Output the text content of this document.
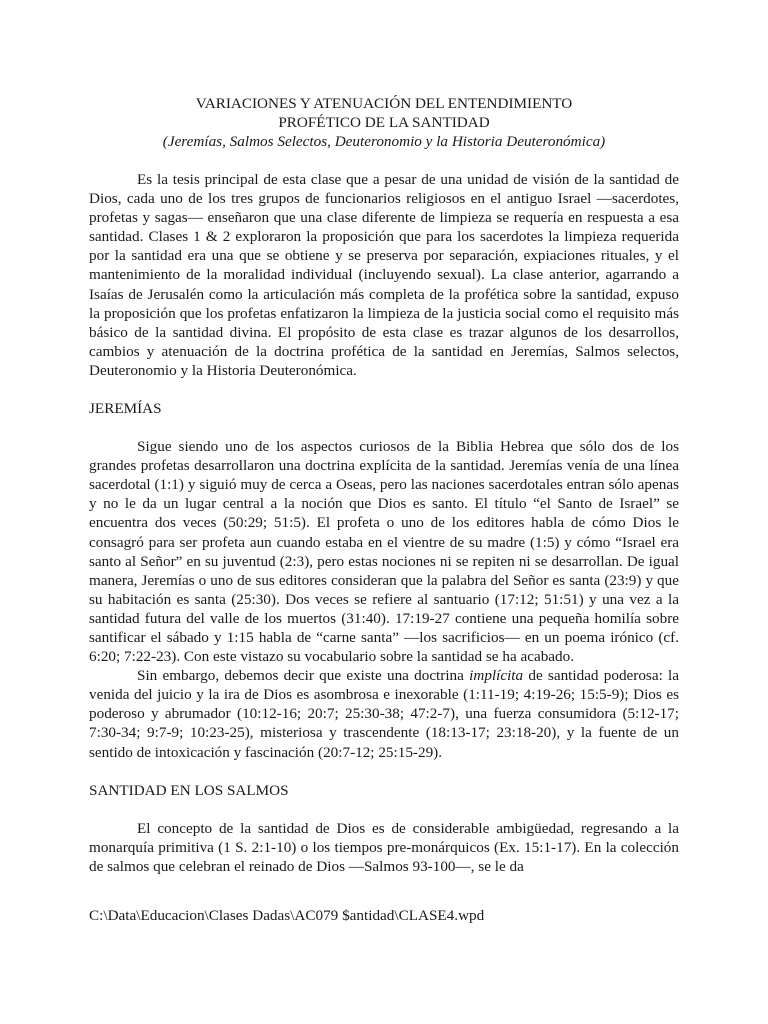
VARIACIONES Y ATENUACIÓN DEL ENTENDIMIENTO
PROFÉTICO DE LA SANTIDAD
(Jeremías, Salmos Selectos, Deuteronomio y la Historia Deuteronómica)

Es la tesis principal de esta clase que a pesar de una unidad de visión de la santidad de Dios, cada uno de los tres grupos de funcionarios religiosos en el antiguo Israel —sacerdotes, profetas y sagas— enseñaron que una clase diferente de limpieza se requería en respuesta a esa santidad. Clases 1 & 2 exploraron la proposición que para los sacerdotes la limpieza requerida por la santidad era una que se obtiene y se preserva por separación, expiaciones rituales, y el mantenimiento de la moralidad individual (incluyendo sexual). La clase anterior, agarrando a Isaías de Jerusalén como la articulación más completa de la profética sobre la santidad, expuso la proposición que los profetas enfatizaron la limpieza de la justicia social como el requisito más básico de la santidad divina. El propósito de esta clase es trazar algunos de los desarrollos, cambios y atenuación de la doctrina profética de la santidad en Jeremías, Salmos selectos, Deuteronomio y la Historia Deuteronómica.

JEREMÍAS

Sigue siendo uno de los aspectos curiosos de la Biblia Hebrea que sólo dos de los grandes profetas desarrollaron una doctrina explícita de la santidad. Jeremías venía de una línea sacerdotal (1:1) y siguió muy de cerca a Oseas, pero las naciones sacerdotales entran sólo apenas y no le da un lugar central a la noción que Dios es santo. El título “el Santo de Israel” se encuentra dos veces (50:29; 51:5). El profeta o uno de los editores habla de cómo Dios le consagró para ser profeta aun cuando estaba en el vientre de su madre (1:5) y cómo “Israel era santo al Señor” en su juventud (2:3), pero estas nociones ni se repiten ni se desarrollan. De igual manera, Jeremías o uno de sus editores consideran que la palabra del Señor es santa (23:9) y que su habitación es santa (25:30). Dos veces se refiere al santuario (17:12; 51:51) y una vez a la santidad futura del valle de los muertos (31:40). 17:19-27 contiene una pequeña homilía sobre santificar el sábado y 1:15 habla de “carne santa” —los sacrificios— en un poema irónico (cf. 6:20; 7:22-23). Con este vistazo su vocabulario sobre la santidad se ha acabado.

Sin embargo, debemos decir que existe una doctrina implícita de santidad poderosa: la venida del juicio y la ira de Dios es asombrosa e inexorable (1:11-19; 4:19-26; 15:5-9); Dios es poderoso y abrumador (10:12-16; 20:7; 25:30-38; 47:2-7), una fuerza consumidora (5:12-17; 7:30-34; 9:7-9; 10:23-25), misteriosa y trascendente (18:13-17; 23:18-20), y la fuente de un sentido de intoxicación y fascinación (20:7-12; 25:15-29).

SANTIDAD EN LOS SALMOS

El concepto de la santidad de Dios es de considerable ambigüedad, regresando a la monarquía primitiva (1 S. 2:1-10) o los tiempos pre-monárquicos (Ex. 15:1-17). En la colección de salmos que celebran el reinado de Dios —Salmos 93-100—, se le da

C:\Data\Educacion\Clases Dadas\AC079 $antidad\CLASE4.wpd
